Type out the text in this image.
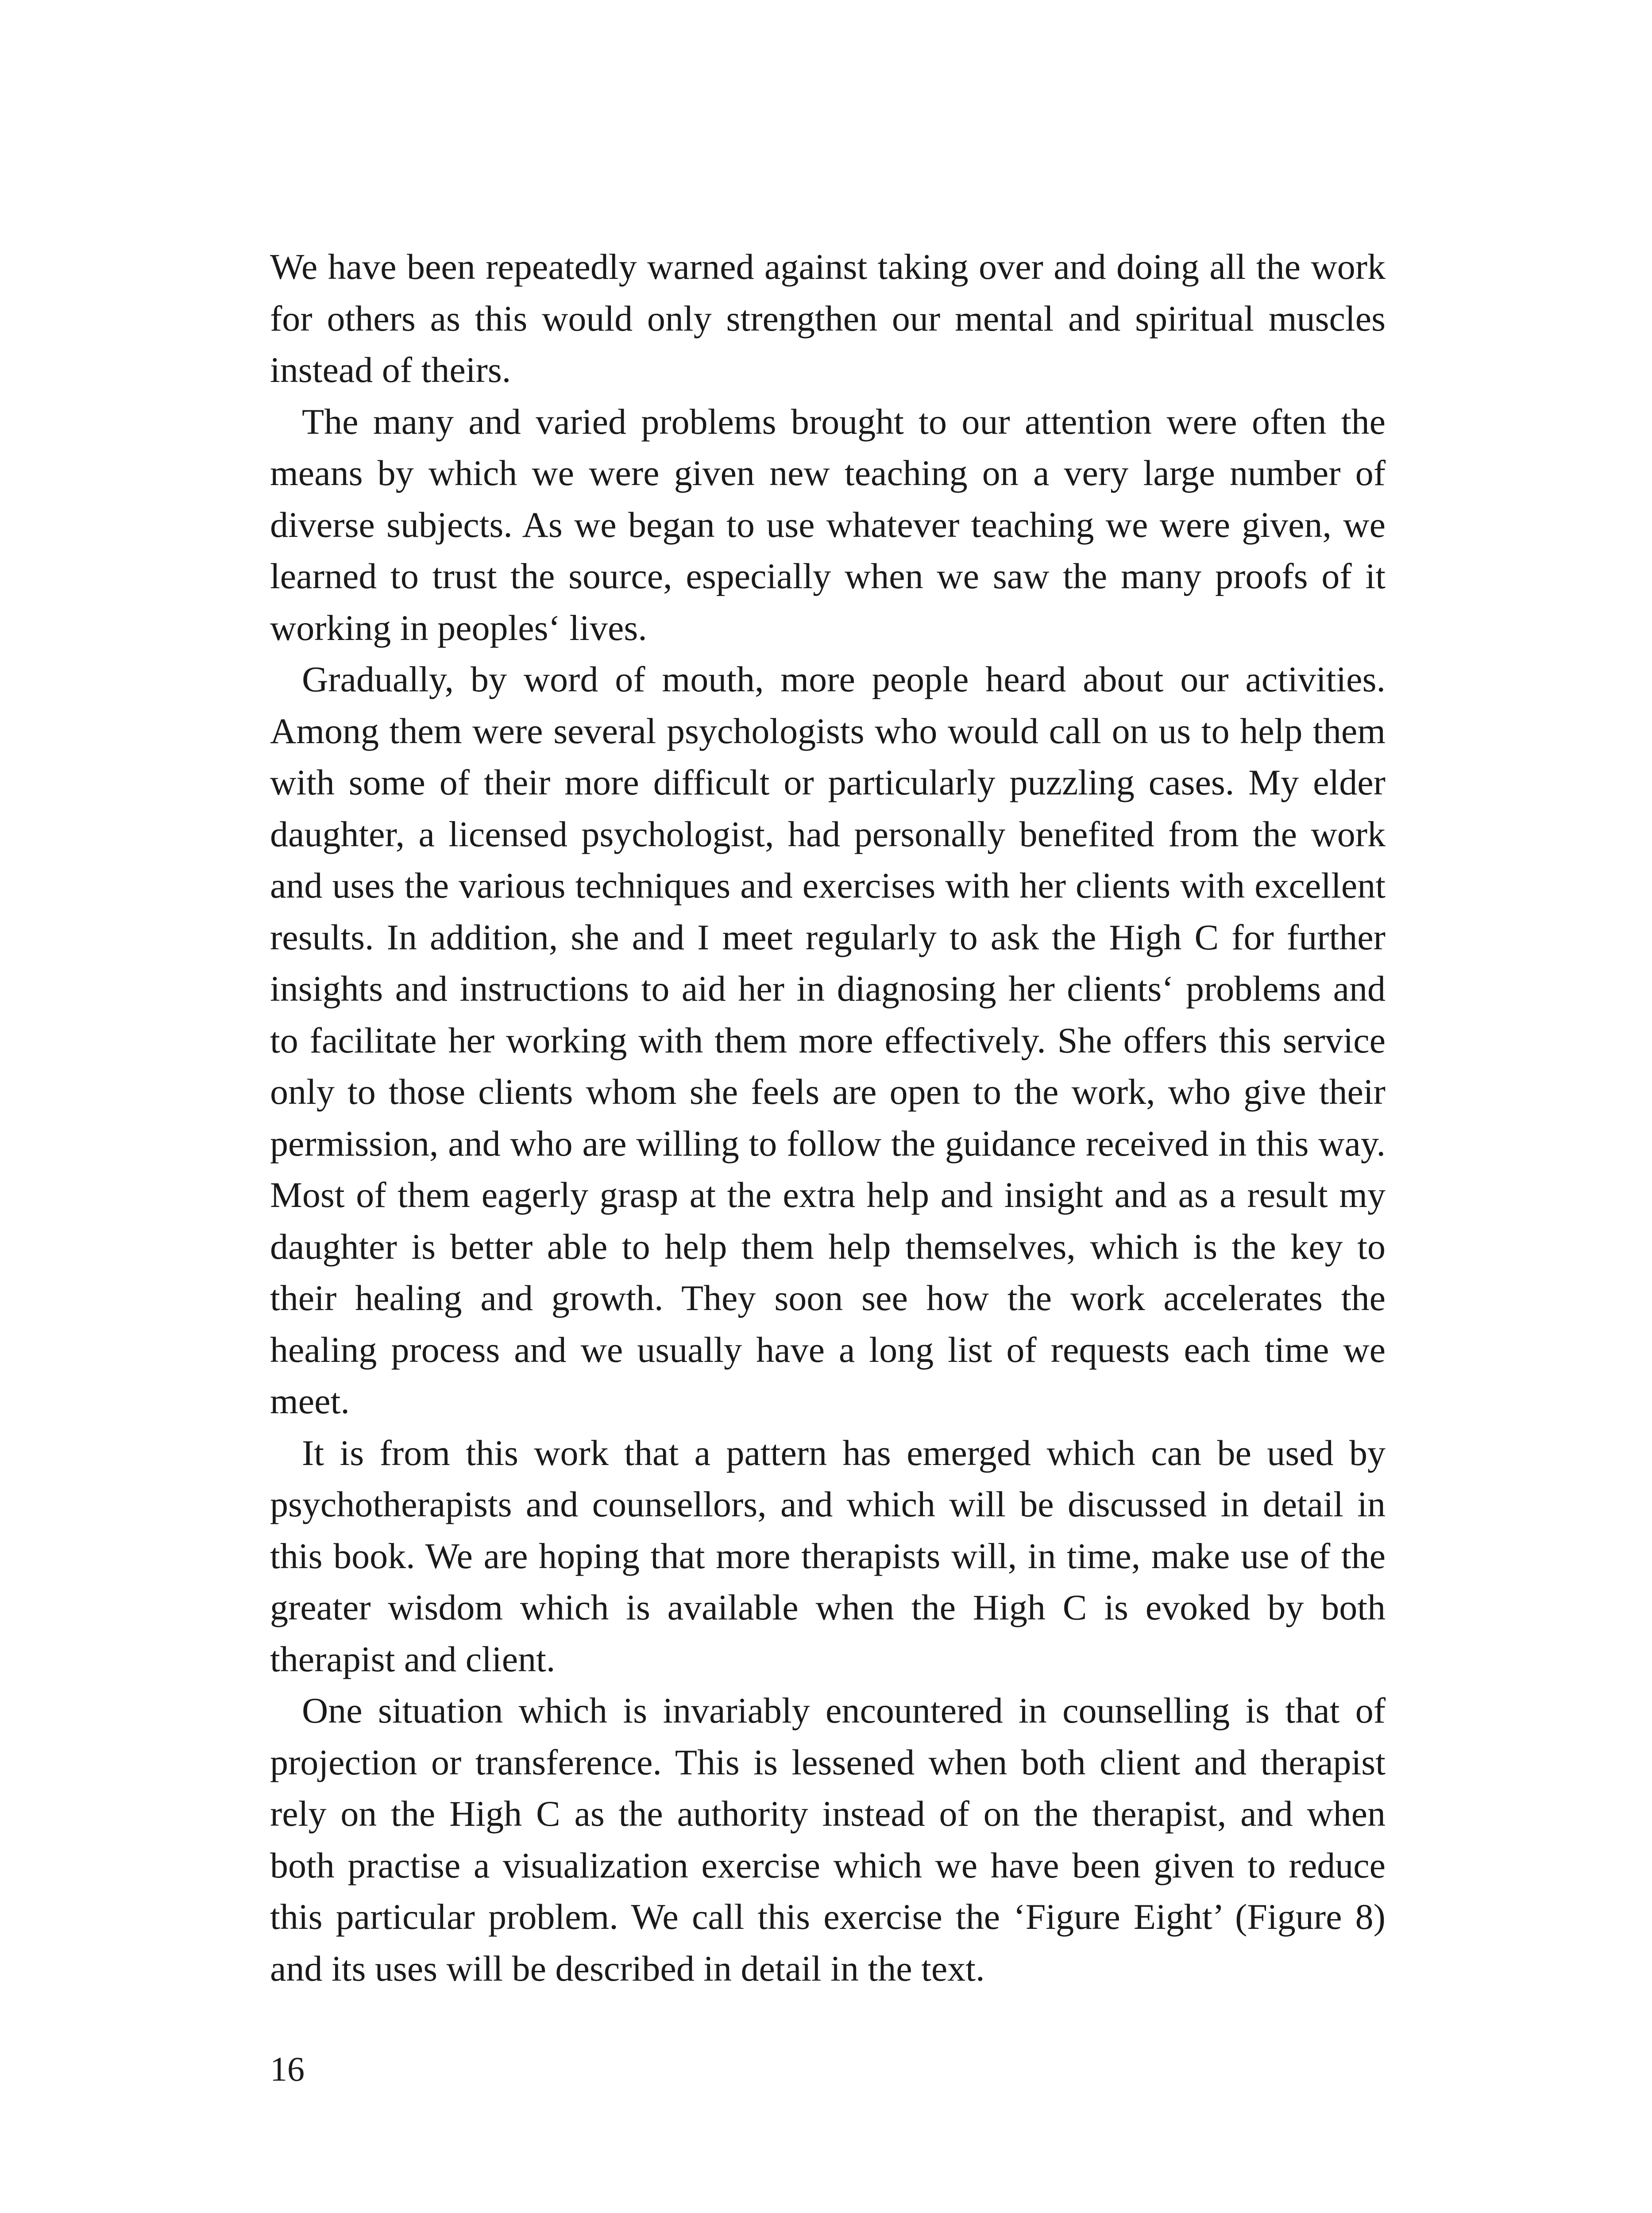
We have been repeatedly warned against taking over and doing all the work for others as this would only strengthen our mental and spiritual muscles instead of theirs.

The many and varied problems brought to our attention were often the means by which we were given new teaching on a very large number of diverse subjects. As we began to use whatever teaching we were given, we learned to trust the source, especially when we saw the many proofs of it working in peoples‘ lives.

Gradually, by word of mouth, more people heard about our activities. Among them were several psychologists who would call on us to help them with some of their more difficult or particularly puzzling cases. My elder daughter, a licensed psychologist, had personally benefited from the work and uses the various techniques and exercises with her clients with excellent results. In addition, she and I meet regularly to ask the High C for further insights and instructions to aid her in diagnosing her clients‘ problems and to facilitate her working with them more effectively. She offers this service only to those clients whom she feels are open to the work, who give their permission, and who are willing to follow the guidance received in this way. Most of them eagerly grasp at the extra help and insight and as a result my daughter is better able to help them help themselves, which is the key to their healing and growth. They soon see how the work accelerates the healing process and we usually have a long list of requests each time we meet.

It is from this work that a pattern has emerged which can be used by psychotherapists and counsellors, and which will be discussed in detail in this book. We are hoping that more therapists will, in time, make use of the greater wisdom which is available when the High C is evoked by both therapist and client.

One situation which is invariably encountered in counselling is that of projection or transference. This is lessened when both client and therapist rely on the High C as the authority instead of on the therapist, and when both practise a visualization exercise which we have been given to reduce this particular problem. We call this exercise the ‘Figure Eight’ (Figure 8) and its uses will be described in detail in the text.

16
